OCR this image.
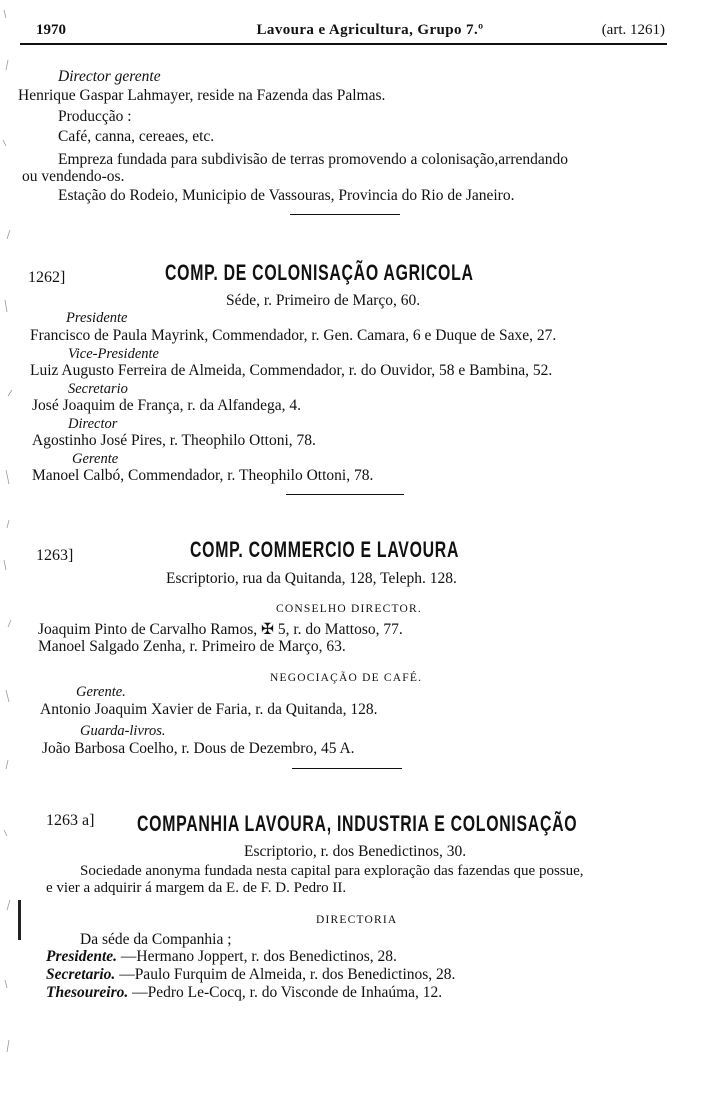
1970	Lavoura e Agricultura, Grupo 7.º	(art. 1261)
Director gerente
Henrique Gaspar Lahmayer, reside na Fazenda das Palmas.
Producção :
Café, canna, cereaes, etc.
Empreza fundada para subdivisão de terras promovendo a colonisação,arrendando
ou vendendo-os.
Estação do Rodeio, Municipio de Vassouras, Provincia do Rio de Janeiro.
1262]	COMP. DE COLONISAÇÃO AGRICOLA
Séde, r. Primeiro de Março, 60.
Presidente
Francisco de Paula Mayrink, Commendador, r. Gen. Camara, 6 e Duque de Saxe, 27.
Vice-Presidente
Luiz Augusto Ferreira de Almeida, Commendador, r. do Ouvidor, 58 e Bambina, 52.
Secretario
José Joaquim de França, r. da Alfandega, 4.
Director
Agostinho José Pires, r. Theophilo Ottoni, 78.
Gerente
Manoel Calbó, Commendador, r. Theophilo Ottoni, 78.
1263]	COMP. COMMERCIO E LAVOURA
Escriptorio, rua da Quitanda, 128, Teleph. 128.
CONSELHO DIRECTOR.
Joaquim Pinto de Carvalho Ramos, ✠ 5, r. do Mattoso, 77.
Manoel Salgado Zenha, r. Primeiro de Março, 63.
NEGOCIAÇÃO DE CAFÉ.
Gerente.
Antonio Joaquim Xavier de Faria, r. da Quitanda, 128.
Guarda-livros.
João Barbosa Coelho, r. Dous de Dezembro, 45 A.
1263 a] COMPANHIA LAVOURA, INDUSTRIA E COLONISAÇÃO
Escriptorio, r. dos Benedictinos, 30.
Sociedade anonyma fundada nesta capital para exploração das fazendas que possue,
e vier a adquirir á margem da E. de F. D. Pedro II.
DIRECTORIA
Da séde da Companhia ;
Presidente. —Hermano Joppert, r. dos Benedictinos, 28.
Secretario. —Paulo Furquim de Almeida, r. dos Benedictinos, 28.
Thesoureiro. —Pedro Le-Cocq, r. do Visconde de Inhaúma, 12.
